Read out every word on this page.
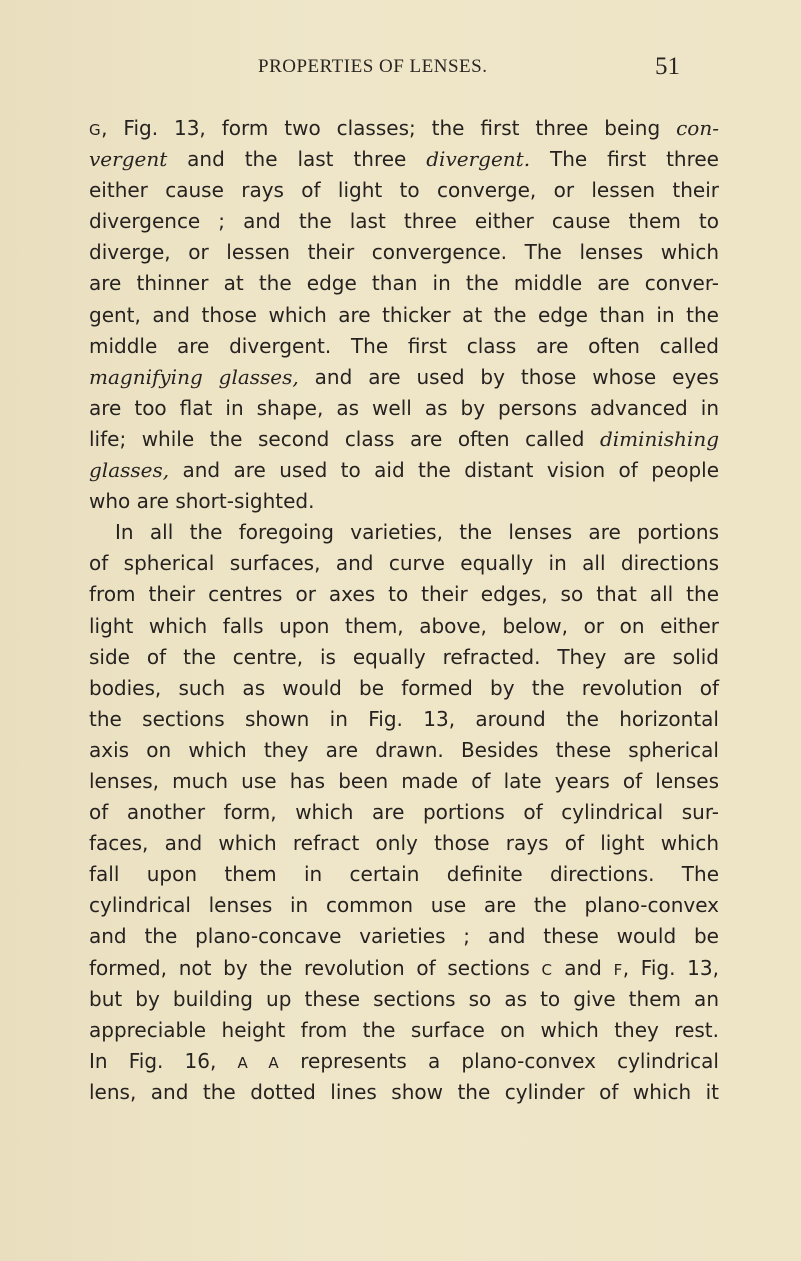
PROPERTIES OF LENSES.	51
G, Fig. 13, form two classes; the first three being con-
vergent and the last three divergent. The first three
either cause rays of light to converge, or lessen their
divergence ; and the last three either cause them to
diverge, or lessen their convergence. The lenses which
are thinner at the edge than in the middle are conver-
gent, and those which are thicker at the edge than in the
middle are divergent. The first class are often called
magnifying glasses, and are used by those whose eyes
are too flat in shape, as well as by persons advanced in
life; while the second class are often called diminishing
glasses, and are used to aid the distant vision of people
who are short-sighted.
In all the foregoing varieties, the lenses are portions
of spherical surfaces, and curve equally in all directions
from their centres or axes to their edges, so that all the
light which falls upon them, above, below, or on either
side of the centre, is equally refracted. They are solid
bodies, such as would be formed by the revolution of
the sections shown in Fig. 13, around the horizontal
axis on which they are drawn. Besides these spherical
lenses, much use has been made of late years of lenses
of another form, which are portions of cylindrical sur-
faces, and which refract only those rays of light which
fall upon them in certain definite directions. The
cylindrical lenses in common use are the plano-convex
and the plano-concave varieties ; and these would be
formed, not by the revolution of sections C and F, Fig. 13,
but by building up these sections so as to give them an
appreciable height from the surface on which they rest.
In Fig. 16, A A represents a plano-convex cylindrical
lens, and the dotted lines show the cylinder of which it
